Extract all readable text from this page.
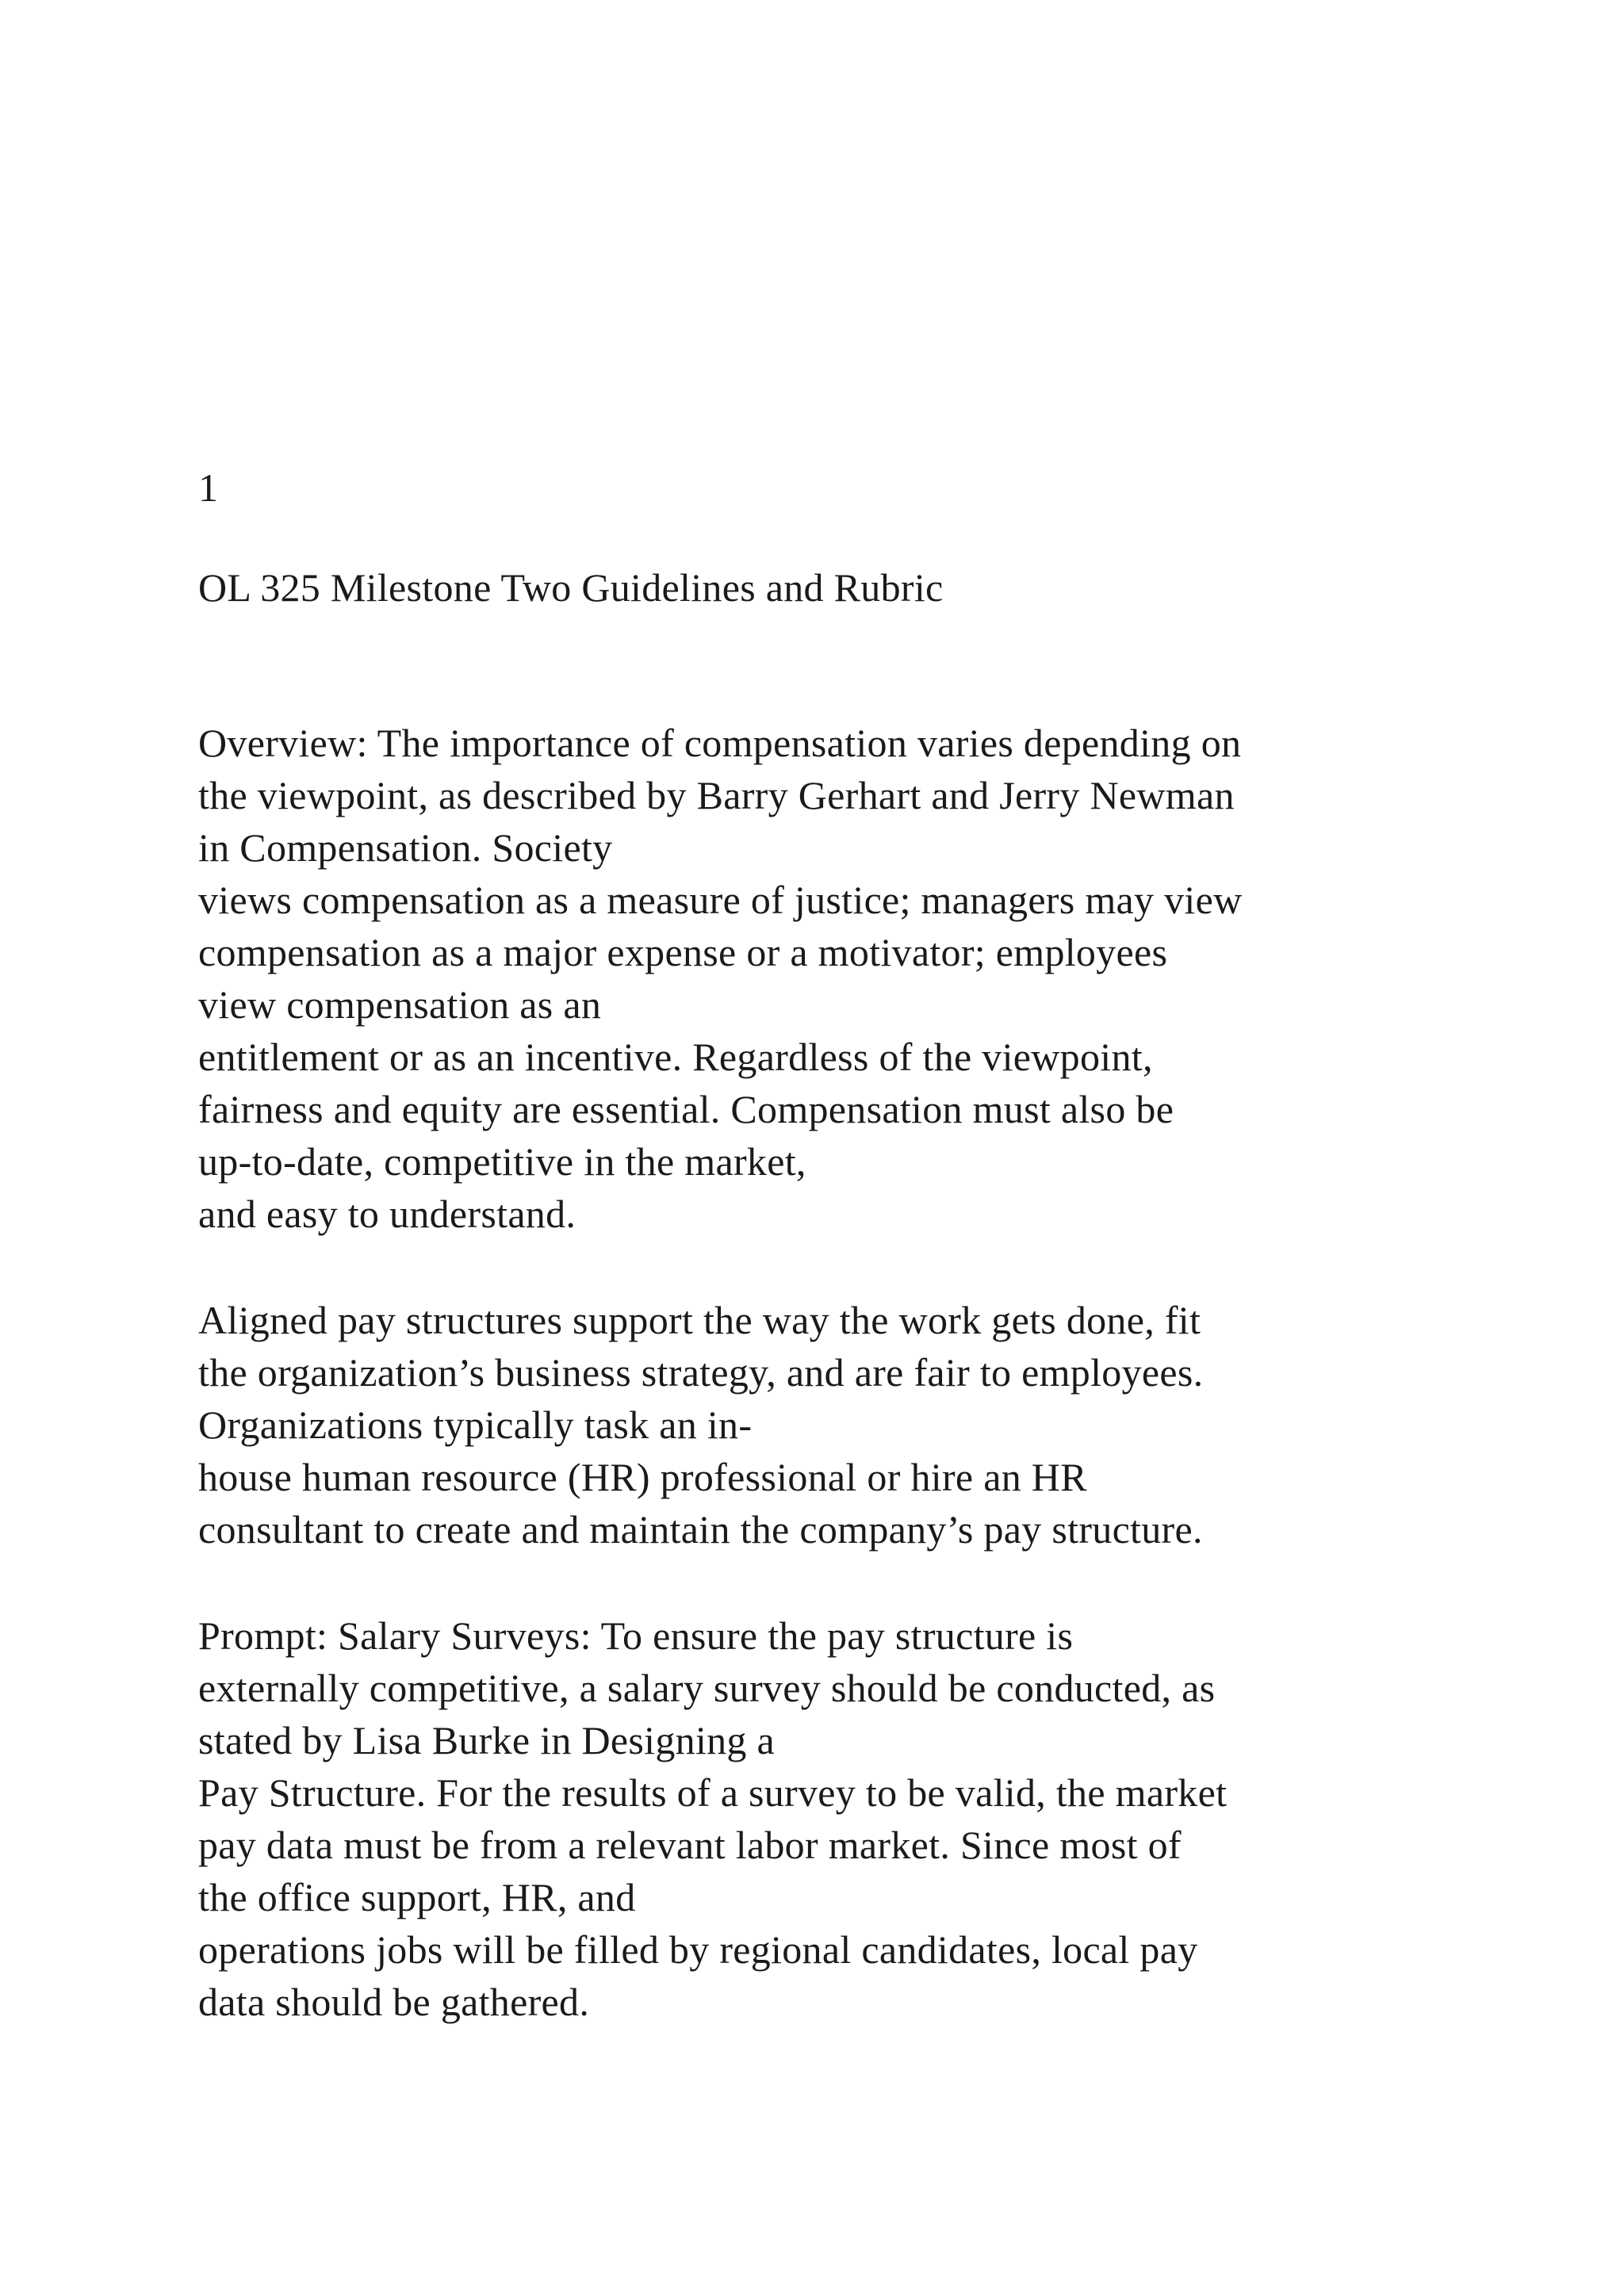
1
OL 325 Milestone Two Guidelines and Rubric
Overview: The importance of compensation varies depending on
the viewpoint, as described by Barry Gerhart and Jerry Newman
in Compensation. Society
views compensation as a measure of justice; managers may view
compensation as a major expense or a motivator; employees
view compensation as an
entitlement or as an incentive. Regardless of the viewpoint,
fairness and equity are essential. Compensation must also be
up-to-date, competitive in the market,
and easy to understand.
Aligned pay structures support the way the work gets done, fit
the organization’s business strategy, and are fair to employees.
Organizations typically task an in-
house human resource (HR) professional or hire an HR
consultant to create and maintain the company’s pay structure.
Prompt: Salary Surveys: To ensure the pay structure is
externally competitive, a salary survey should be conducted, as
stated by Lisa Burke in Designing a
Pay Structure. For the results of a survey to be valid, the market
pay data must be from a relevant labor market. Since most of
the office support, HR, and
operations jobs will be filled by regional candidates, local pay
data should be gathered.
